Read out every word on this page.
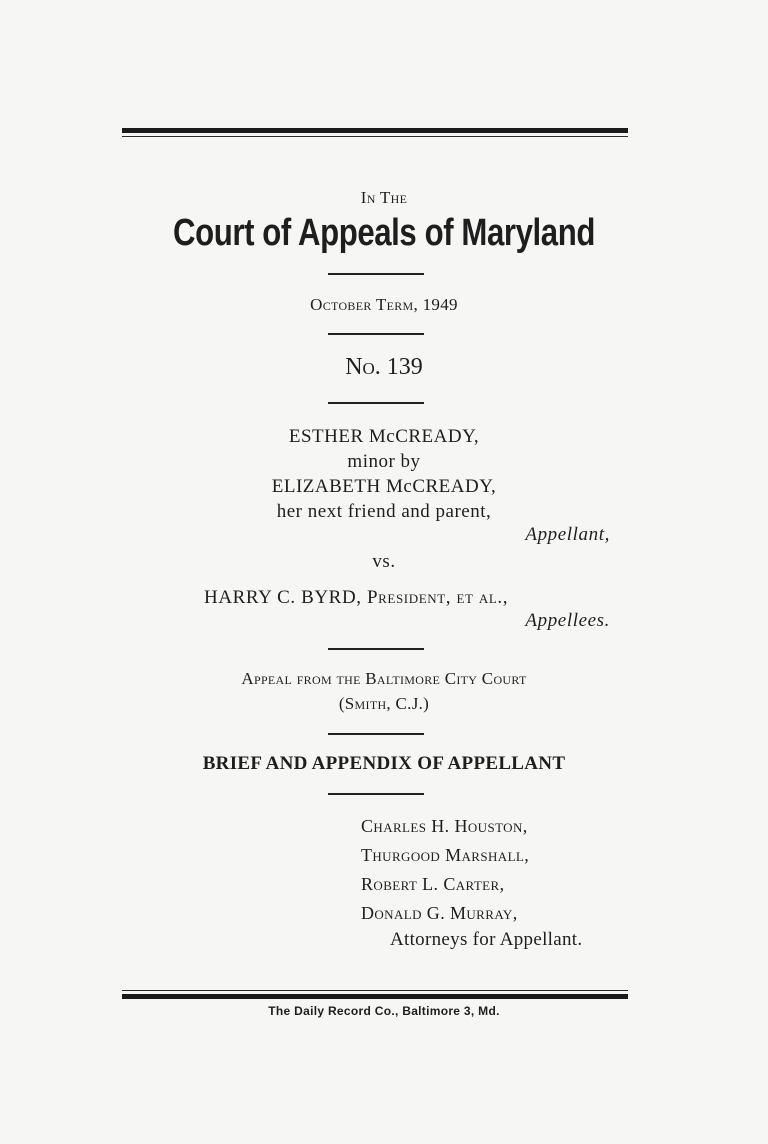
In The
Court of Appeals of Maryland
October Term, 1949
No. 139
ESTHER McCREADY,
minor by
ELIZABETH McCREADY,
her next friend and parent,
Appellant,
vs.
HARRY C. BYRD, President, et al.,
Appellees.
Appeal from the Baltimore City Court
(Smith, C.J.)
BRIEF AND APPENDIX OF APPELLANT
Charles H. Houston,
Thurgood Marshall,
Robert L. Carter,
Donald G. Murray,
Attorneys for Appellant.
The Daily Record Co., Baltimore 3, Md.
